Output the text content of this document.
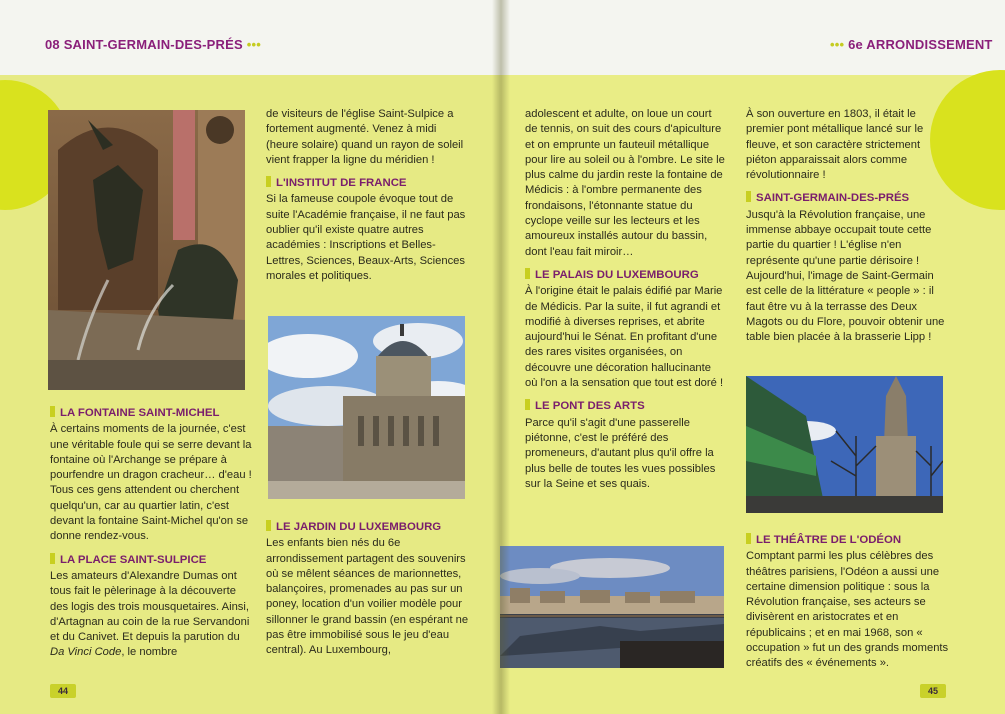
08 SAINT-GERMAIN-DES-PRÉS •••
LA FONTAINE SAINT-MICHEL

À certains moments de la journée, c'est une véritable foule qui se serre devant la fontaine où l'Archange se prépare à pourfendre un dragon cracheur… d'eau ! Tous ces gens attendent ou cherchent quelqu'un, car au quartier latin, c'est devant la fontaine Saint-Michel qu'on se donne rendez-vous.

LA PLACE SAINT-SULPICE

Les amateurs d'Alexandre Dumas ont tous fait le pèlerinage à la découverte des logis des trois mousquetaires. Ainsi, d'Artagnan au coin de la rue Servandoni et du Canivet. Et depuis la parution du Da Vinci Code, le nombre

de visiteurs de l'église Saint-Sulpice a fortement augmenté. Venez à midi (heure solaire) quand un rayon de soleil vient frapper la ligne du méridien !

L'INSTITUT DE FRANCE

Si la fameuse coupole évoque tout de suite l'Académie française, il ne faut pas oublier qu'il existe quatre autres académies : Inscriptions et Belles-Lettres, Sciences, Beaux-Arts, Sciences morales et politiques.

LE JARDIN DU LUXEMBOURG

Les enfants bien nés du 6e arrondissement partagent des souvenirs où se mêlent séances de marionnettes, balançoires, promenades au pas sur un poney, location d'un voilier modèle pour sillonner le grand bassin (en espérant ne pas être immobilisé sous le jeu d'eau central). Au Luxembourg,

44
••• 6e ARRONDISSEMENT

adolescent et adulte, on loue un court de tennis, on suit des cours d'apiculture et on emprunte un fauteuil métallique pour lire au soleil ou à l'ombre. Le site le plus calme du jardin reste la fontaine de Médicis : à l'ombre permanente des frondaisons, l'étonnante statue du cyclope veille sur les lecteurs et les amoureux installés autour du bassin, dont l'eau fait miroir…

LE PALAIS DU LUXEMBOURG

À l'origine était le palais édifié par Marie de Médicis. Par la suite, il fut agrandi et modifié à diverses reprises, et abrite aujourd'hui le Sénat. En profitant d'une des rares visites organisées, on découvre une décoration hallucinante où l'on a la sensation que tout est doré !

LE PONT DES ARTS

Parce qu'il s'agit d'une passerelle piétonne, c'est le préféré des promeneurs, d'autant plus qu'il offre la plus belle de toutes les vues possibles sur la Seine et ses quais.

À son ouverture en 1803, il était le premier pont métallique lancé sur le fleuve, et son caractère strictement piéton apparaissait alors comme révolutionnaire !

SAINT-GERMAIN-DES-PRÉS

Jusqu'à la Révolution française, une immense abbaye occupait toute cette partie du quartier ! L'église n'en représente qu'une partie dérisoire ! Aujourd'hui, l'image de Saint-Germain est celle de la littérature « people » : il faut être vu à la terrasse des Deux Magots ou du Flore, pouvoir obtenir une table bien placée à la brasserie Lipp !

LE THÉÂTRE DE L'ODÉON

Comptant parmi les plus célèbres des théâtres parisiens, l'Odéon a aussi une certaine dimension politique : sous la Révolution française, ses acteurs se divisèrent en aristocrates et en républicains ; et en mai 1968, son « occupation » fut un des grands moments créatifs des « événements ».

45
